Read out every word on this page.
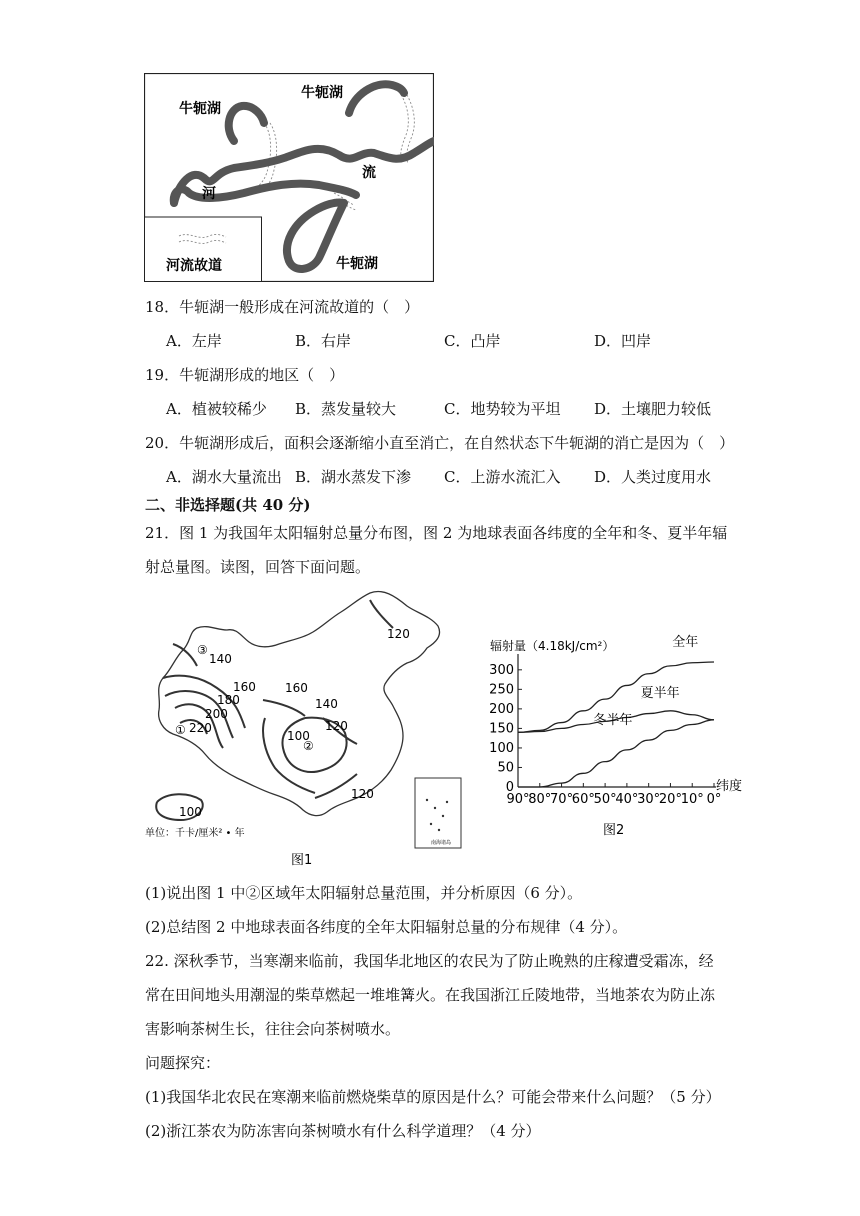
牛轭湖
牛轭湖
河
流
牛轭湖
河流故道
18．牛轭湖一般形成在河流故道的（　）
A．左岸	B．右岸	C．凸岸	D．凹岸
19．牛轭湖形成的地区（　）
A．植被较稀少 B．蒸发量较大	C．地势较为平坦 D．土壤肥力较低
20．牛轭湖形成后，面积会逐渐缩小直至消亡，在自然状态下牛轭湖的消亡是因为（　）
A．湖水大量流出 B．湖水蒸发下渗 C．上游水流汇入 D．人类过度用水
二、非选择题(共 40 分)
21．图 1 为我国年太阳辐射总量分布图，图 2 为地球表面各纬度的全年和冬、夏半年辐
射总量图。读图，回答下面问题。
南海诸岛
③
140
160
180
200
220
①
160
140
120
100
②
120
120
100
单位：千卡/厘米² • 年
图1
辐射量（4.18kJ/cm²）
0
50
100
150
200
250
300
90°
80°
70°
60°
50°
40°
30°
20°
10° 0°
全年
夏半年
冬半年
纬度
图2
(1)说出图 1 中②区域年太阳辐射总量范围，并分析原因（6 分）。
(2)总结图 2 中地球表面各纬度的全年太阳辐射总量的分布规律（4 分）。
22. 深秋季节，当寒潮来临前，我国华北地区的农民为了防止晚熟的庄稼遭受霜冻，经
常在田间地头用潮湿的柴草燃起一堆堆篝火。在我国浙江丘陵地带，当地茶农为防止冻
害影响茶树生长，往往会向茶树喷水。
问题探究：
(1)我国华北农民在寒潮来临前燃烧柴草的原因是什么？可能会带来什么问题？（5 分）
(2)浙江茶农为防冻害向茶树喷水有什么科学道理？（4 分）
